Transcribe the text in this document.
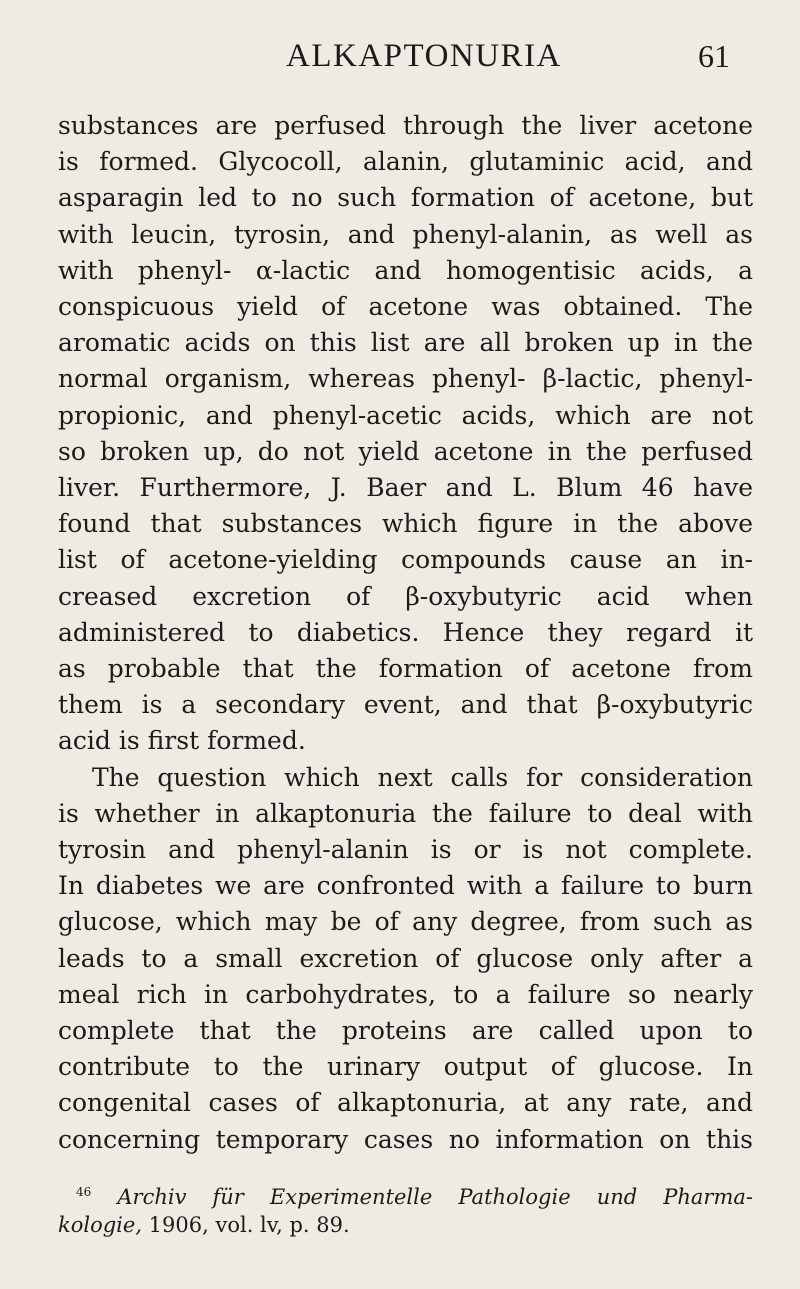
ALKAPTONURIA	61
substances are perfused through the liver acetone
is formed. Glycocoll, alanin, glutaminic acid, and
asparagin led to no such formation of acetone, but
with leucin, tyrosin, and phenyl-alanin, as well as
with phenyl- α-lactic and homogentisic acids, a
conspicuous yield of acetone was obtained. The
aromatic acids on this list are all broken up in the
normal organism, whereas phenyl- β-lactic, phenyl-
propionic, and phenyl-acetic acids, which are not
so broken up, do not yield acetone in the perfused
liver. Furthermore, J. Baer and L. Blum 46 have
found that substances which figure in the above
list of acetone-yielding compounds cause an in-
creased excretion of β-oxybutyric acid when
administered to diabetics. Hence they regard it
as probable that the formation of acetone from
them is a secondary event, and that β-oxybutyric
acid is first formed.
The question which next calls for consideration
is whether in alkaptonuria the failure to deal with
tyrosin and phenyl-alanin is or is not complete.
In diabetes we are confronted with a failure to burn
glucose, which may be of any degree, from such as
leads to a small excretion of glucose only after a
meal rich in carbohydrates, to a failure so nearly
complete that the proteins are called upon to
contribute to the urinary output of glucose. In
congenital cases of alkaptonuria, at any rate, and
concerning temporary cases no information on this
$^{46}$ Archiv für Experimentelle Pathologie und Pharma-
kologie, 1906, vol. lv, p. 89.
